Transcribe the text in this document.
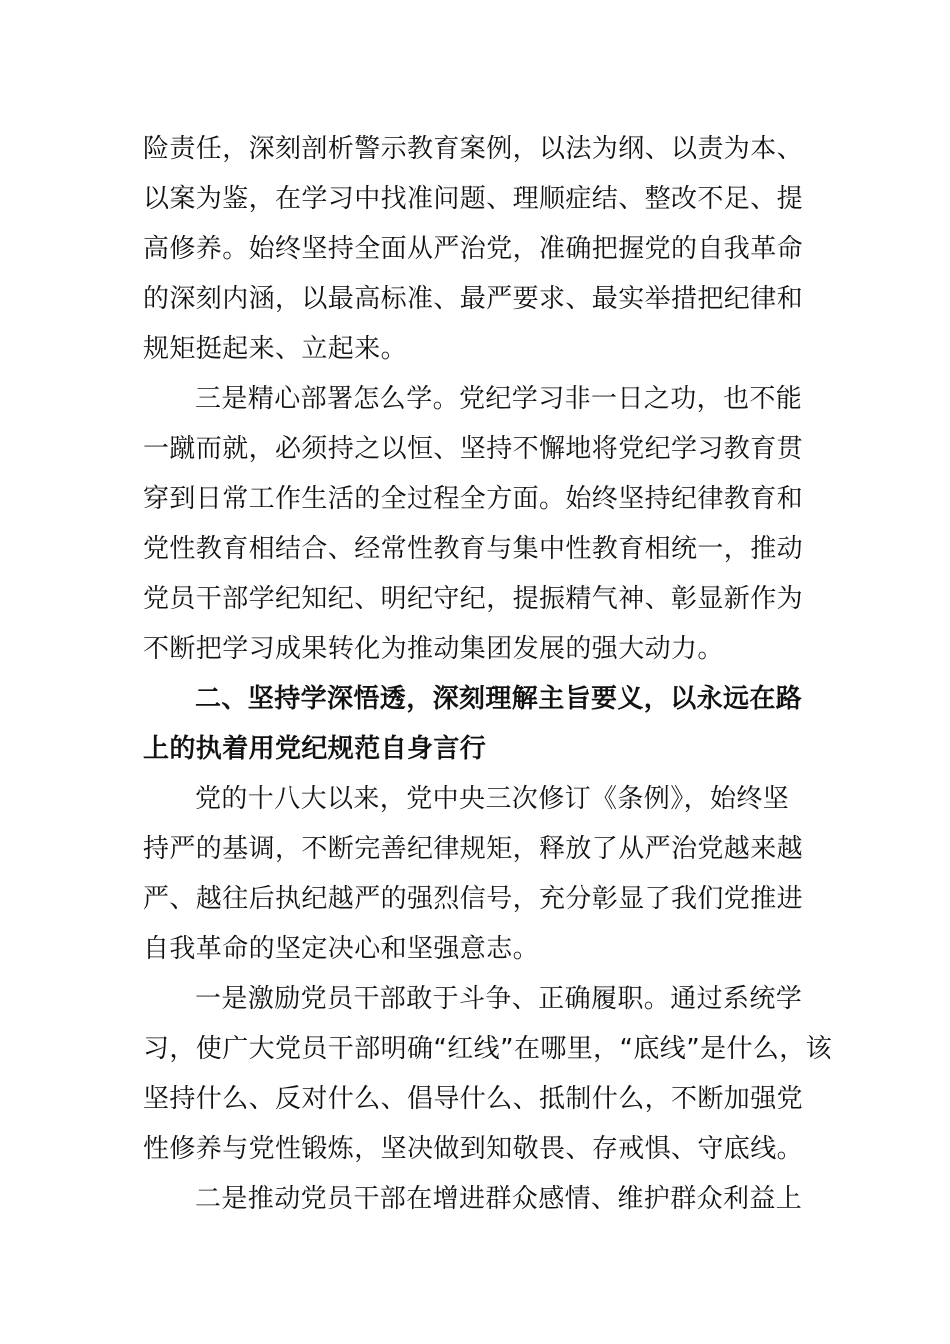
险责任，深刻剖析警示教育案例，以法为纲、以责为本、
以案为鉴，在学习中找准问题、理顺症结、整改不足、提
高修养。始终坚持全面从严治党，准确把握党的自我革命
的深刻内涵，以最高标准、最严要求、最实举措把纪律和
规矩挺起来、立起来。
三是精心部署怎么学。党纪学习非一日之功，也不能
一蹴而就，必须持之以恒、坚持不懈地将党纪学习教育贯
穿到日常工作生活的全过程全方面。始终坚持纪律教育和
党性教育相结合、经常性教育与集中性教育相统一，推动
党员干部学纪知纪、明纪守纪，提振精气神、彰显新作为
不断把学习成果转化为推动集团发展的强大动力。
二、坚持学深悟透，深刻理解主旨要义，以永远在路
上的执着用党纪规范自身言行
党的十八大以来，党中央三次修订《条例》，始终坚
持严的基调，不断完善纪律规矩，释放了从严治党越来越
严、越往后执纪越严的强烈信号，充分彰显了我们党推进
自我革命的坚定决心和坚强意志。
一是激励党员干部敢于斗争、正确履职。通过系统学
习，使广大党员干部明确“红线”在哪里，“底线”是什么，该
坚持什么、反对什么、倡导什么、抵制什么，不断加强党
性修养与党性锻炼，坚决做到知敬畏、存戒惧、守底线。
二是推动党员干部在增进群众感情、维护群众利益上
